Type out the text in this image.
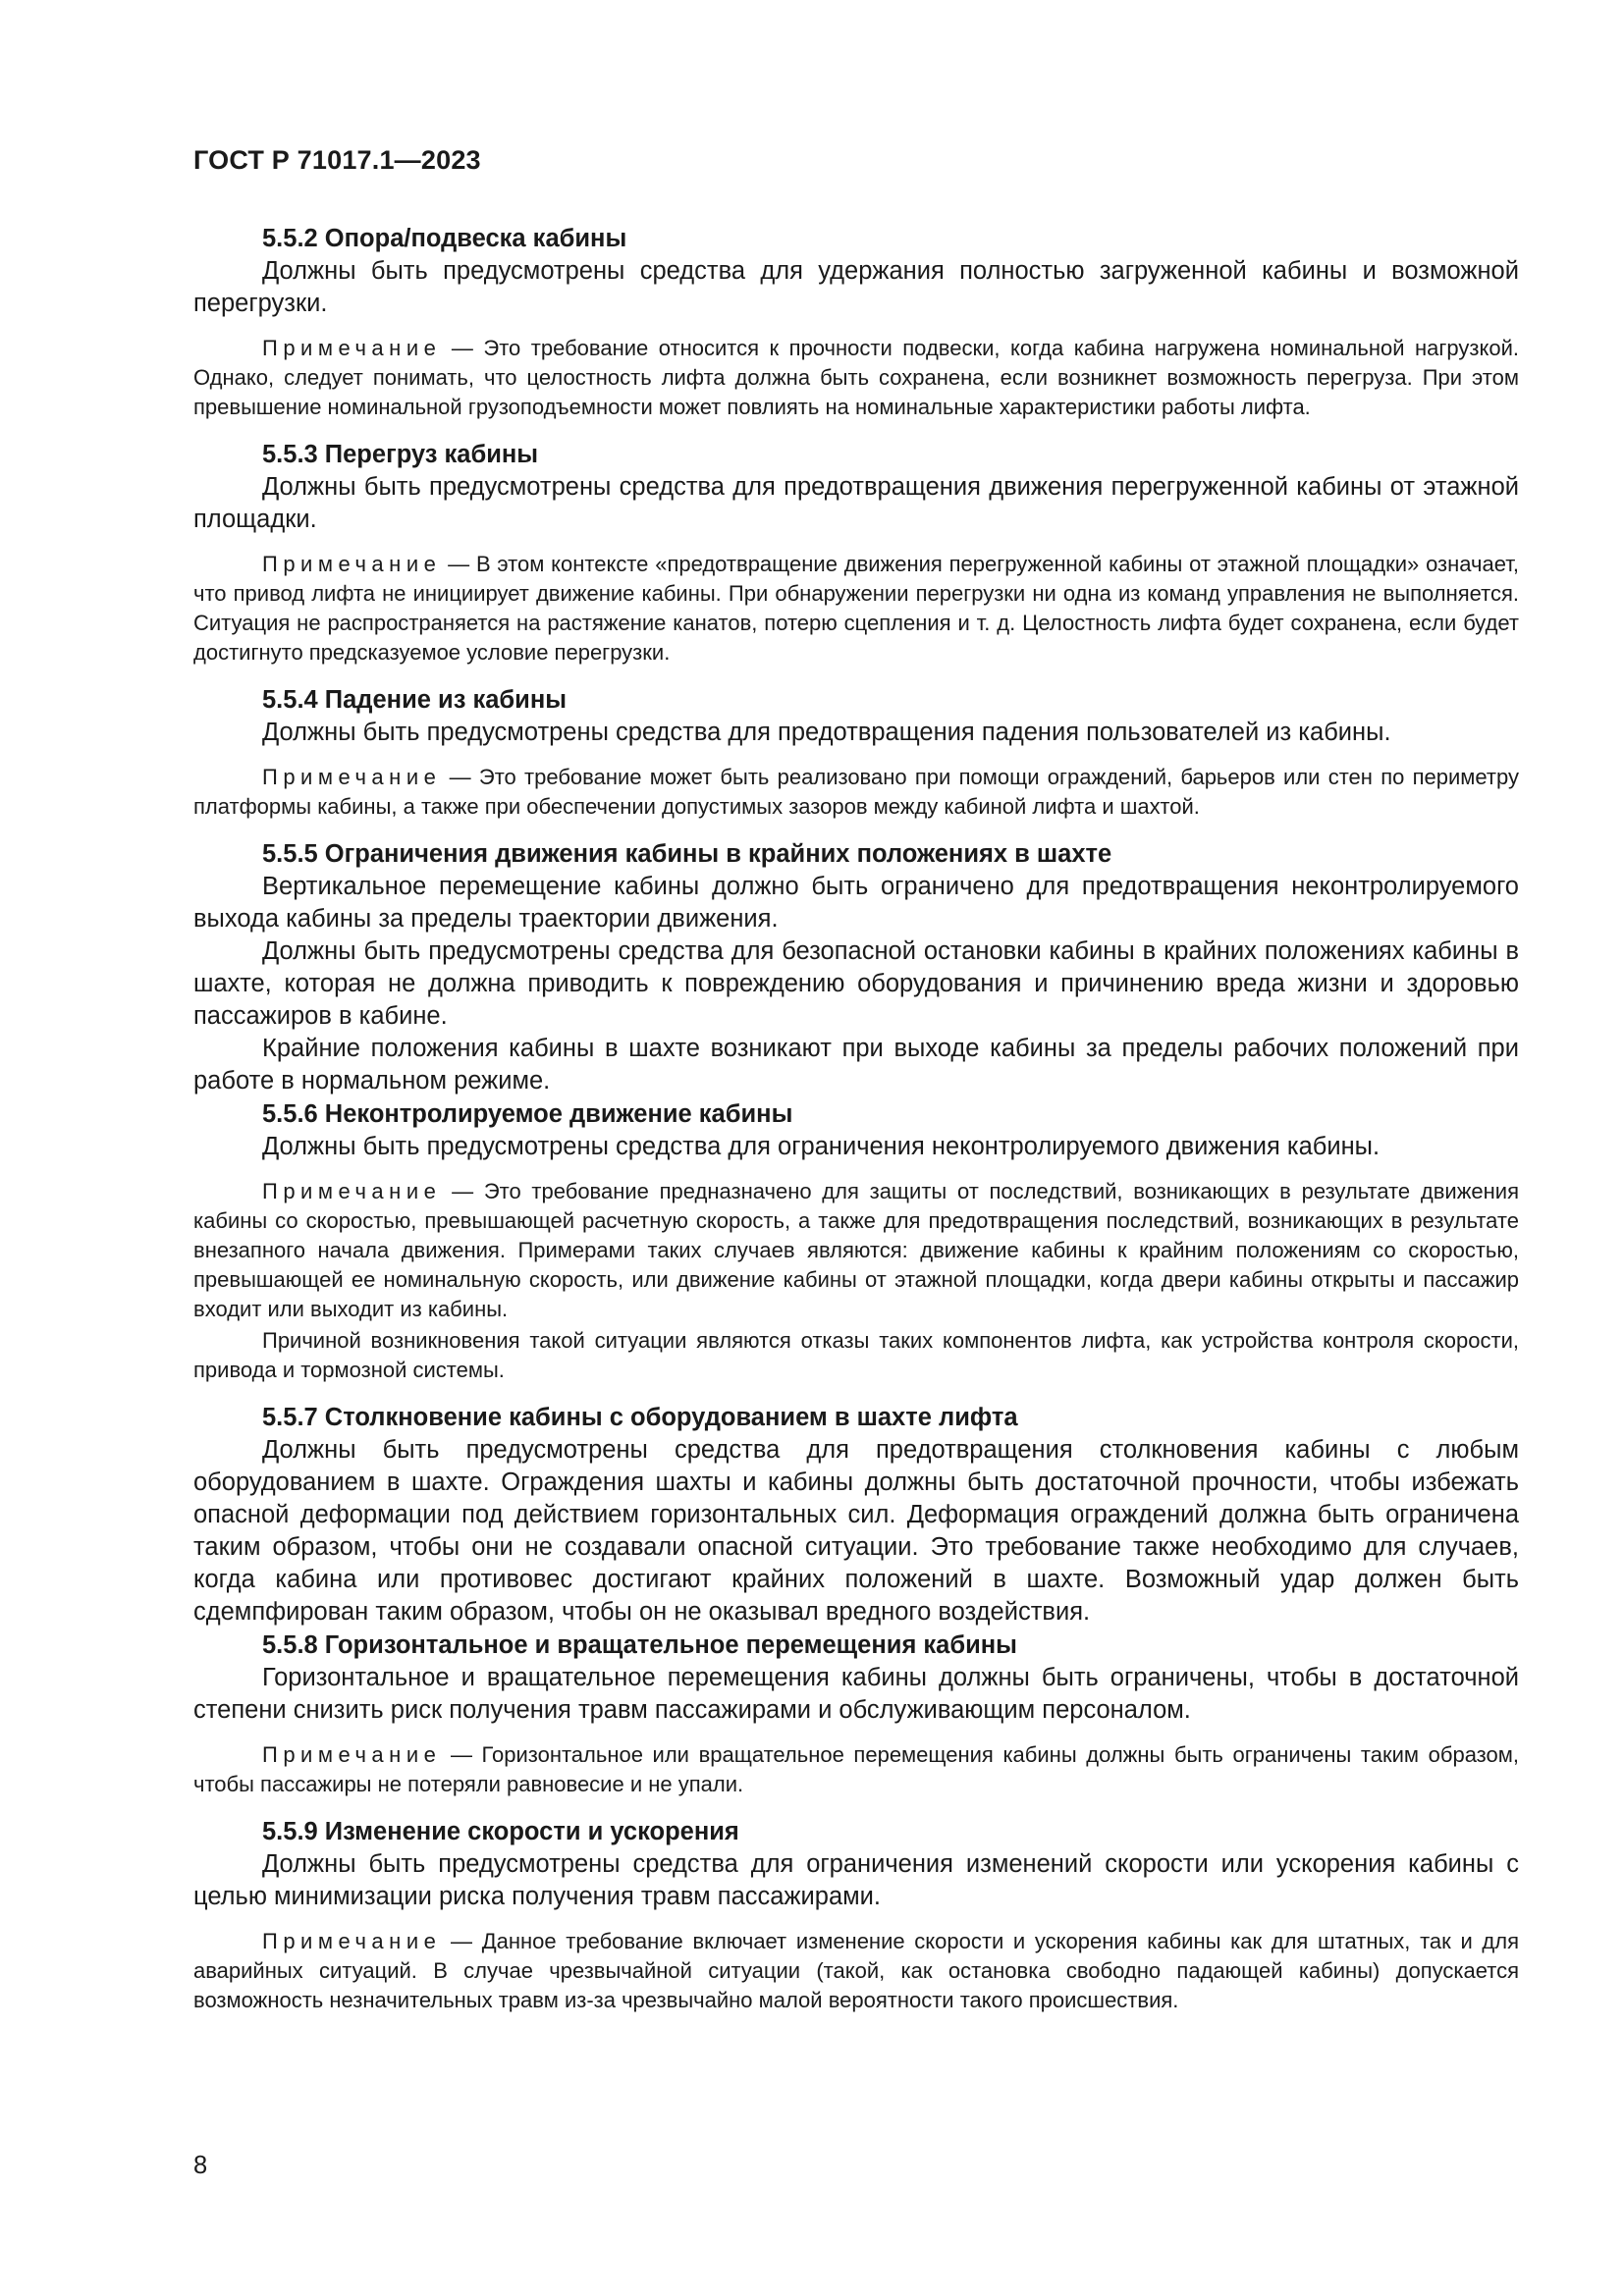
ГОСТ Р 71017.1—2023

5.5.2 Опора/подвеска кабины

Должны быть предусмотрены средства для удержания полностью загруженной кабины и возможной перегрузки.

Примечание — Это требование относится к прочности подвески, когда кабина нагружена номинальной нагрузкой. Однако, следует понимать, что целостность лифта должна быть сохранена, если возникнет возможность перегруза. При этом превышение номинальной грузоподъемности может повлиять на номинальные характеристики работы лифта.

5.5.3 Перегруз кабины

Должны быть предусмотрены средства для предотвращения движения перегруженной кабины от этажной площадки.

Примечание — В этом контексте «предотвращение движения перегруженной кабины от этажной площадки» означает, что привод лифта не инициирует движение кабины. При обнаружении перегрузки ни одна из команд управления не выполняется. Ситуация не распространяется на растяжение канатов, потерю сцепления и т. д. Целостность лифта будет сохранена, если будет достигнуто предсказуемое условие перегрузки.

5.5.4 Падение из кабины

Должны быть предусмотрены средства для предотвращения падения пользователей из кабины.

Примечание — Это требование может быть реализовано при помощи ограждений, барьеров или стен по периметру платформы кабины, а также при обеспечении допустимых зазоров между кабиной лифта и шахтой.

5.5.5 Ограничения движения кабины в крайних положениях в шахте

Вертикальное перемещение кабины должно быть ограничено для предотвращения неконтролируемого выхода кабины за пределы траектории движения.

Должны быть предусмотрены средства для безопасной остановки кабины в крайних положениях кабины в шахте, которая не должна приводить к повреждению оборудования и причинению вреда жизни и здоровью пассажиров в кабине.

Крайние положения кабины в шахте возникают при выходе кабины за пределы рабочих положений при работе в нормальном режиме.

5.5.6 Неконтролируемое движение кабины

Должны быть предусмотрены средства для ограничения неконтролируемого движения кабины.

Примечание — Это требование предназначено для защиты от последствий, возникающих в результате движения кабины со скоростью, превышающей расчетную скорость, а также для предотвращения последствий, возникающих в результате внезапного начала движения. Примерами таких случаев являются: движение кабины к крайним положениям со скоростью, превышающей ее номинальную скорость, или движение кабины от этажной площадки, когда двери кабины открыты и пассажир входит или выходит из кабины.

Причиной возникновения такой ситуации являются отказы таких компонентов лифта, как устройства контроля скорости, привода и тормозной системы.

5.5.7 Столкновение кабины с оборудованием в шахте лифта

Должны быть предусмотрены средства для предотвращения столкновения кабины с любым оборудованием в шахте. Ограждения шахты и кабины должны быть достаточной прочности, чтобы избежать опасной деформации под действием горизонтальных сил. Деформация ограждений должна быть ограничена таким образом, чтобы они не создавали опасной ситуации. Это требование также необходимо для случаев, когда кабина или противовес достигают крайних положений в шахте. Возможный удар должен быть сдемпфирован таким образом, чтобы он не оказывал вредного воздействия.

5.5.8 Горизонтальное и вращательное перемещения кабины

Горизонтальное и вращательное перемещения кабины должны быть ограничены, чтобы в достаточной степени снизить риск получения травм пассажирами и обслуживающим персоналом.

Примечание — Горизонтальное или вращательное перемещения кабины должны быть ограничены таким образом, чтобы пассажиры не потеряли равновесие и не упали.

5.5.9 Изменение скорости и ускорения

Должны быть предусмотрены средства для ограничения изменений скорости или ускорения кабины с целью минимизации риска получения травм пассажирами.

Примечание — Данное требование включает изменение скорости и ускорения кабины как для штатных, так и для аварийных ситуаций. В случае чрезвычайной ситуации (такой, как остановка свободно падающей кабины) допускается возможность незначительных травм из-за чрезвычайно малой вероятности такого происшествия.

8
